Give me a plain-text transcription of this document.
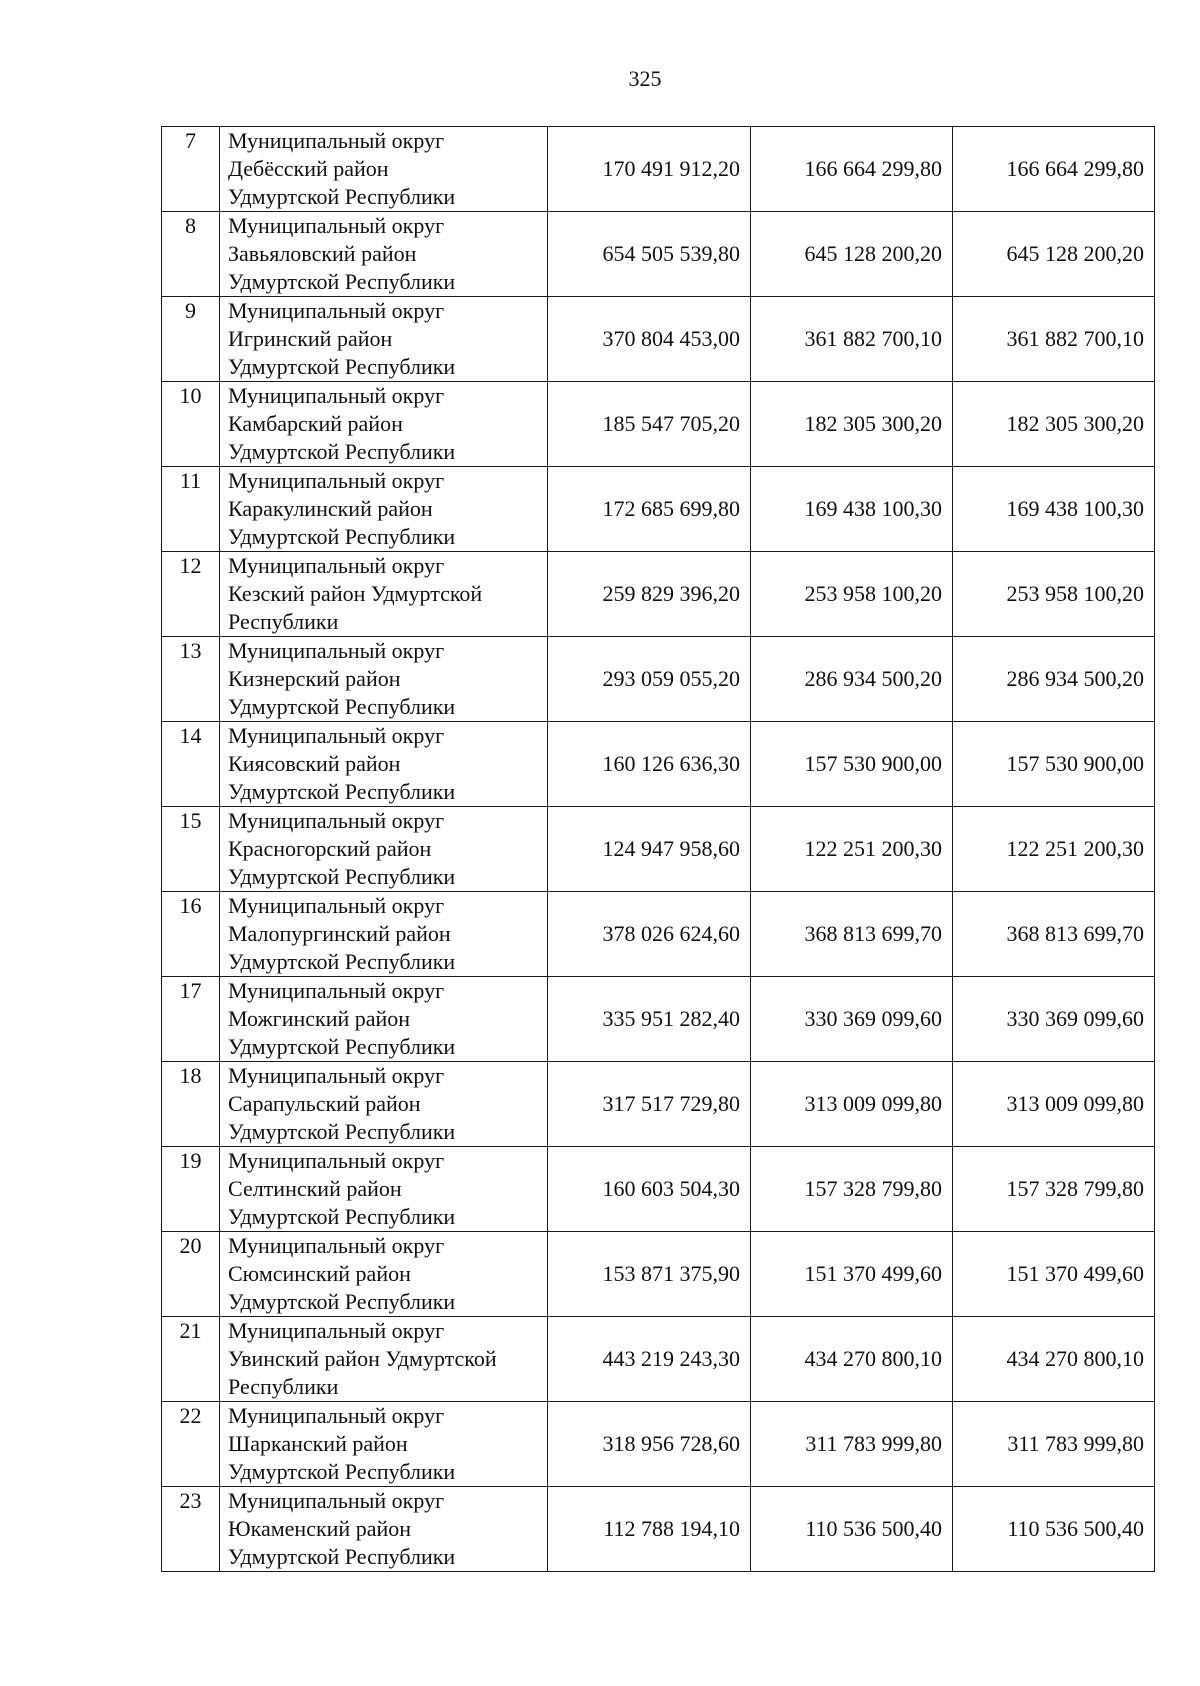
325
7	Муниципальный округ
Дебёсский район
Удмуртской Республики	170 491 912,20	166 664 299,80	166 664 299,80
8	Муниципальный округ
Завьяловский район
Удмуртской Республики	654 505 539,80	645 128 200,20	645 128 200,20
9	Муниципальный округ
Игринский район
Удмуртской Республики	370 804 453,00	361 882 700,10	361 882 700,10
10	Муниципальный округ
Камбарский район
Удмуртской Республики	185 547 705,20	182 305 300,20	182 305 300,20
11	Муниципальный округ
Каракулинский район
Удмуртской Республики	172 685 699,80	169 438 100,30	169 438 100,30
12	Муниципальный округ
Кезский район Удмуртской
Республики	259 829 396,20	253 958 100,20	253 958 100,20
13	Муниципальный округ
Кизнерский район
Удмуртской Республики	293 059 055,20	286 934 500,20	286 934 500,20
14	Муниципальный округ
Киясовский район
Удмуртской Республики	160 126 636,30	157 530 900,00	157 530 900,00
15	Муниципальный округ
Красногорский район
Удмуртской Республики	124 947 958,60	122 251 200,30	122 251 200,30
16	Муниципальный округ
Малопургинский район
Удмуртской Республики	378 026 624,60	368 813 699,70	368 813 699,70
17	Муниципальный округ
Можгинский район
Удмуртской Республики	335 951 282,40	330 369 099,60	330 369 099,60
18	Муниципальный округ
Сарапульский район
Удмуртской Республики	317 517 729,80	313 009 099,80	313 009 099,80
19	Муниципальный округ
Селтинский район
Удмуртской Республики	160 603 504,30	157 328 799,80	157 328 799,80
20	Муниципальный округ
Сюмсинский район
Удмуртской Республики	153 871 375,90	151 370 499,60	151 370 499,60
21	Муниципальный округ
Увинский район Удмуртской
Республики	443 219 243,30	434 270 800,10	434 270 800,10
22	Муниципальный округ
Шарканский район
Удмуртской Республики	318 956 728,60	311 783 999,80	311 783 999,80
23	Муниципальный округ
Юкаменский район
Удмуртской Республики	112 788 194,10	110 536 500,40	110 536 500,40
